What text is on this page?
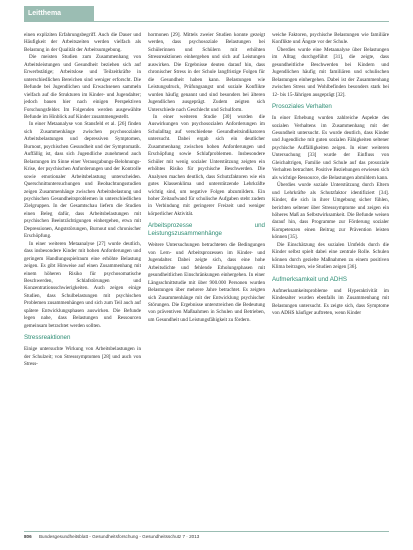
Leitthema

einen expliziten Erfahrungsbegriff. Auch die Dauer und Häufigkeit der Arbeitszeiten werden vielfach als Belastung in der Qualität der Arbeitsumgebung.

Die meisten Studien zum Zusammenhang von Arbeitsleistungen und Gesundheit beziehen sich auf Erwerbstätige; Arbeitslose und Teilzeitkräfte in unterschiedlichen Bereichen sind weniger erforscht. Die Befunde bei Jugendlichen und Erwachsenen sammeln vielfach auf die Strukturen im Kinder- und Jugendalter; jedoch bauen hier nach einigen Perspektiven Forschungsfelder. Im Folgenden werden ausgewählte Befunde im Hinblick auf Kinder zusammengestellt.

In einer Metaanalyse von Stansfeld et al. [26] finden sich Zusammenhänge zwischen psychosozialen Arbeitsbelastungen und depressiven Symptomen, Burnout, psychischen Gesundheit und der Symptomatik. Auffällig ist, dass sich Jugendliche zunehmend auch Belastungen im Sinne einer Verausgabungs-Belohnungs-Krise, der psychischen Anforderungen und der Kontrolle sowie emotionaler Arbeitsbelastung unterscheiden. Querschnittuntersuchungen und Beobachtungsstudien zeigen Zusammenhänge zwischen Arbeitsbelastung und psychischen Gesundheitsproblemen in unterschiedlichen Zielgruppen. In der Gesamtschau liefern die Studien einen Beleg dafür, dass Arbeitsbelastungen mit psychischen Beeinträchtigungen einhergehen, etwa mit Depressionen, Angststörungen, Burnout und chronischer Erschöpfung.

In einer weiteren Metaanalyse [27] wurde deutlich, dass insbesondere Kinder mit hohen Anforderungen und geringem Handlungsspielraum eine erhöhte Belastung zeigen. Es gibt Hinweise auf einen Zusammenhang mit einem höheren Risiko für psychosomatische Beschwerden, Schlafstörungen und Konzentrationsschwierigkeiten. Auch zeigen einige Studien, dass Schulbelastungen mit psychischen Problemen zusammenhängen und sich zum Teil auch auf spätere Entwicklungsphasen auswirken. Die Befunde legen nahe, dass Belastungen und Ressourcen gemeinsam betrachtet werden sollten.

Stressreaktionen

Einige untersuchte Wirkung von Arbeitsbelastungen in der Schulzeit; von Stresssymptomen [28] und auch von Stress-

hormonen [29]. Mittels zweier Studien konnte gezeigt werden, dass psychosoziale Belastungen bei Schülerinnen und Schülern mit erhöhten Stressreaktionen einhergehen und sich auf Leistungen auswirken. Die Ergebnisse deuten darauf hin, dass chronischer Stress in der Schule langfristige Folgen für die Gesundheit haben kann. Belastungen wie Leistungsdruck, Prüfungsangst und soziale Konflikte wurden häufig genannt und sind besonders bei älteren Jugendlichen ausgeprägt. Zudem zeigten sich Unterschiede nach Geschlecht und Schulform.

In einer weiteren Studie [30] wurden die Auswirkungen von psychosozialen Anforderungen im Schulalltag auf verschiedene Gesundheitsindikatoren untersucht. Dabei ergab sich ein deutlicher Zusammenhang zwischen hohen Anforderungen und Erschöpfung sowie Schlafproblemen. Insbesondere Schüler mit wenig sozialer Unterstützung zeigten ein erhöhtes Risiko für psychische Beschwerden. Die Analysen machen deutlich, dass Schutzfaktoren wie ein gutes Klassenklima und unterstützende Lehrkräfte wichtig sind, um negative Folgen abzumildern. Ein hoher Zeitaufwand für schulische Aufgaben steht zudem in Verbindung mit geringerer Freizeit und weniger körperlicher Aktivität.

Arbeitsprozesse und Leistungszusammenhänge

Weitere Untersuchungen betrachteten die Bedingungen von Lern- und Arbeitsprozessen im Kinder- und Jugendalter. Dabei zeigte sich, dass eine hohe Arbeitsdichte und fehlende Erholungsphasen mit gesundheitlichen Einschränkungen einhergehen. In einer Längsschnittstudie mit über 900.000 Personen wurden Belastungen über mehrere Jahre betrachtet. Es zeigten sich Zusammenhänge mit der Entwicklung psychischer Störungen. Die Ergebnisse unterstreichen die Bedeutung von präventiven Maßnahmen in Schulen und Betrieben, um Gesundheit und Leistungsfähigkeit zu fördern.

weiche Faktoren, psychische Belastungen wie familiäre Konflikte und Ängste vor der Schule.

Überdies wurde eine Metaanalyse über Belastungen im Alltag durchgeführt [31], die zeigte, dass gesundheitliche Beschwerden bei Kindern und Jugendlichen häufig mit familiären und schulischen Belastungen einhergehen. Dabei ist der Zusammenhang zwischen Stress und Wohlbefinden besonders stark bei 12- bis 15-Jährigen ausgeprägt [32].

Prosoziales Verhalten

In einer Erhebung wurden zahlreiche Aspekte des sozialen Verhaltens im Zusammenhang mit der Gesundheit untersucht. Es wurde deutlich, dass Kinder und Jugendliche mit guten sozialen Fähigkeiten seltener psychische Auffälligkeiten zeigen. In einer weiteren Untersuchung [33] wurde der Einfluss von Gleichaltrigen, Familie und Schule auf das prosoziale Verhalten betrachtet. Positive Beziehungen erwiesen sich als wichtige Ressource, die Belastungen abmildern kann.

Überdies wurde soziale Unterstützung durch Eltern und Lehrkräfte als Schutzfaktor identifiziert [34]. Kinder, die sich in ihrer Umgebung sicher fühlen, berichten seltener über Stresssymptome und zeigen ein höheres Maß an Selbstwirksamkeit. Die Befunde weisen darauf hin, dass Programme zur Förderung sozialer Kompetenzen einen Beitrag zur Prävention leisten können [35].

Die Einschätzung des sozialen Umfelds durch die Kinder selbst spielt dabei eine zentrale Rolle. Schulen können durch gezielte Maßnahmen zu einem positiven Klima beitragen, wie Studien zeigen [36].

Aufmerksamkeit und ADHS

Aufmerksamkeitsprobleme und Hyperaktivität im Kindesalter wurden ebenfalls im Zusammenhang mit Belastungen untersucht. Es zeigte sich, dass Symptome von ADHS häufiger auftreten, wenn Kinder

806 Bundesgesundheitsblatt - Gesundheitsforschung - Gesundheitsschutz 7 · 2013
